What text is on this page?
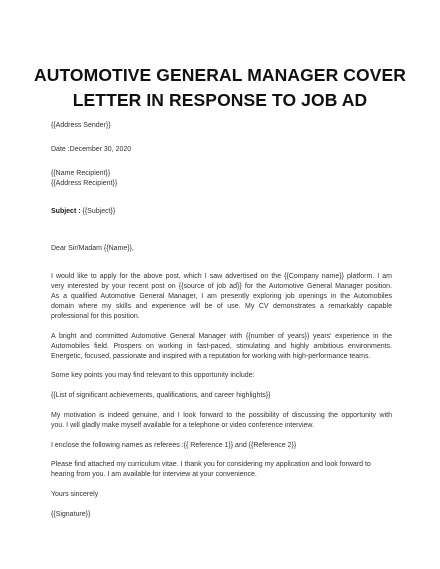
AUTOMOTIVE GENERAL MANAGER COVER
LETTER IN RESPONSE TO JOB AD

{{Address Sender}}

Date :December 30, 2020

{{Name Recipient}}

{{Address Recipient}}

Subject : {{Subject}}

Dear Sir/Madam {{Name}},

I would like to apply for the above post, which I saw advertised on the {{Company name}} platform. I am
very interested by your recent post on {{source of job ad}} for the Automotive General Manager position.
As a qualified Automotive General Manager, I am presently exploring job openings in the Automobiles
domain where my skills and experience will be of use. My CV demonstrates a remarkably capable
professional for this position.

A bright and committed Automotive General Manager with {{number of years}} years' experience in the
Automobiles field. Prospers on working in fast-paced, stimulating and highly ambitious environments.
Energetic, focused, passionate and inspired with a reputation for working with high-performance teams.

Some key points you may find relevant to this opportunity include:

{{List of significant achievements, qualifications, and career highlights}}

My motivation is indeed genuine, and I look forward to the possibility of discussing the opportunity with
you. I will gladly make myself available for a telephone or video conference interview.

I enclose the following names as referees :{{ Reference 1}} and {{Reference 2}}

Please find attached my curriculum vitae. I thank you for considering my application and look forward to
hearing from you. I am available for interview at your convenience.

Yours sincerely

{{Signature}}
